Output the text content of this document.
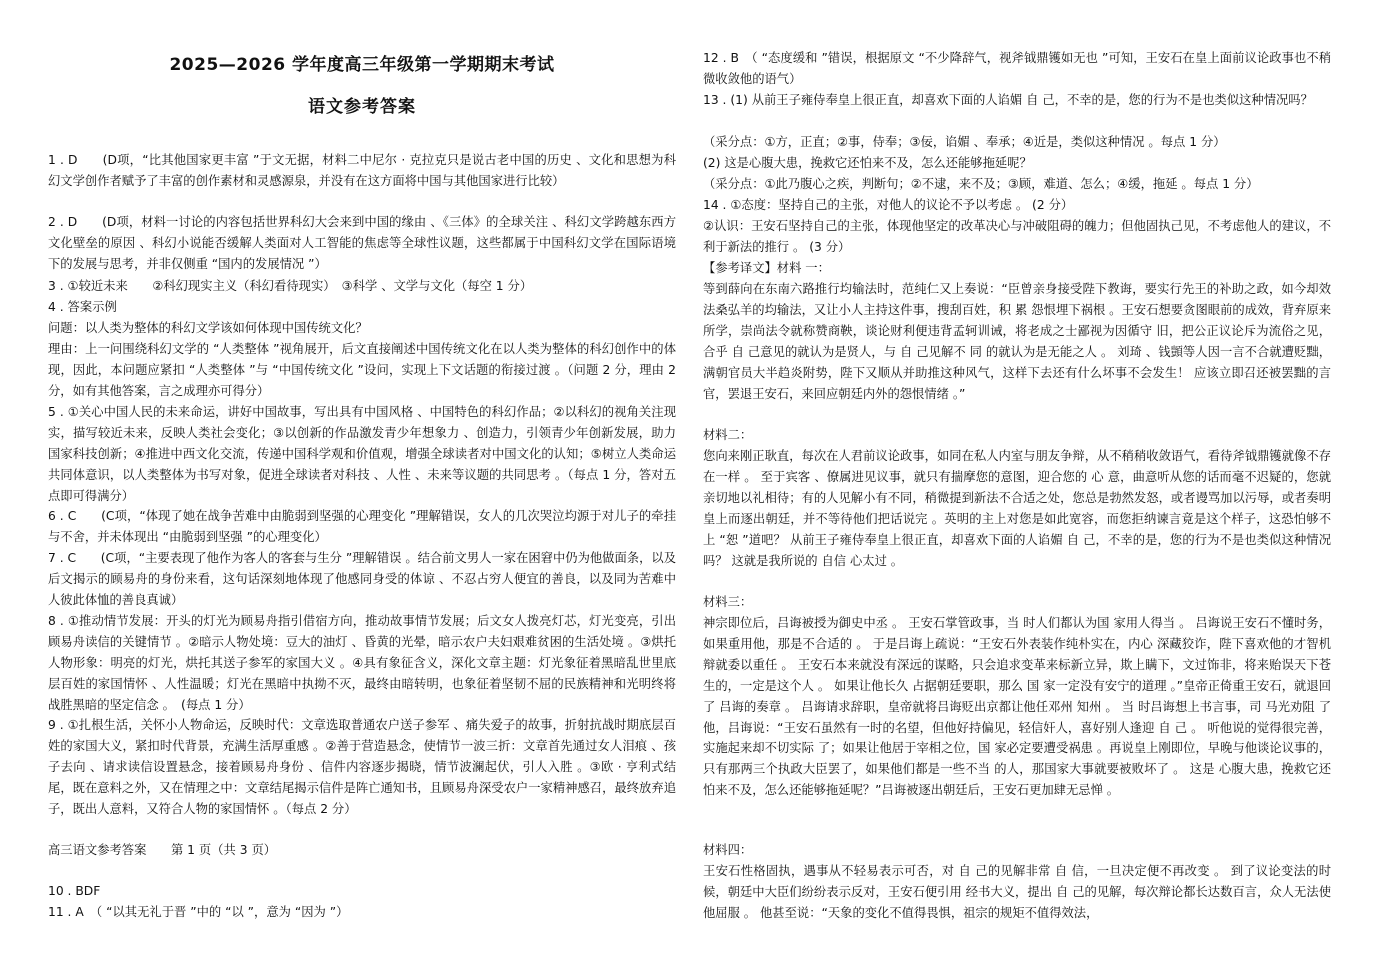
2025—2026 学年度高三年级第一学期期末考试
语文参考答案
1 . D　　(D项，“比其他国家更丰富 ”于文无据，材料二中尼尔 · 克拉克只是说古老中国的历史 、文化和思想为科幻文学创作者赋予了丰富的创作素材和灵感源泉，并没有在这方面将中国与其他国家进行比较）
2 . D　　(D项，材料一讨论的内容包括世界科幻大会来到中国的缘由 、《三体》的全球关注 、科幻文学跨越东西方文化壁垒的原因 、科幻小说能否缓解人类面对人工智能的焦虑等全球性议题，这些都属于中国科幻文学在国际语境下的发展与思考，并非仅侧重 “国内的发展情况 ”）
3 . ①较近未来　　②科幻现实主义（科幻看待现实）　③科学 、文学与文化（每空 1 分）
4 . 答案示例
问题：以人类为整体的科幻文学该如何体现中国传统文化？
理由：上一问围绕科幻文学的 “人类整体 ”视角展开，后文直接阐述中国传统文化在以人类为整体的科幻创作中的体现，因此，本问题应紧扣 “人类整体 ”与 “中国传统文化 ”设问，实现上下文话题的衔接过渡 。（问题 2 分，理由 2 分，如有其他答案，言之成理亦可得分）
5 . ①关心中国人民的未来命运，讲好中国故事，写出具有中国风格 、中国特色的科幻作品；②以科幻的视角关注现实，描写较近未来，反映人类社会变化；③以创新的作品激发青少年想象力 、创造力，引领青少年创新发展，助力国家科技创新；④推进中西文化交流，传递中国科学观和价值观，增强全球读者对中国文化的认知；⑤树立人类命运共同体意识，以人类整体为书写对象，促进全球读者对科技 、人性 、未来等议题的共同思考 。（每点 1 分，答对五点即可得满分）
6 . C　　(C项，“体现了她在战争苦难中由脆弱到坚强的心理变化 ”理解错误，女人的几次哭泣均源于对儿子的牵挂与不舍，并未体现出 “由脆弱到坚强 ”的心理变化）
7 . C　　(C项，“主要表现了他作为客人的客套与生分 ”理解错误 。结合前文男人一家在困窘中仍为他做面条，以及后文揭示的顾易舟的身份来看，这句话深刻地体现了他感同身受的体谅 、不忍占穷人便宜的善良，以及同为苦难中人彼此体恤的善良真诚）
8 . ①推动情节发展：开头的灯光为顾易舟指引借宿方向，推动故事情节发展；后文女人拨亮灯芯，灯光变亮，引出顾易舟读信的关键情节 。②暗示人物处境：豆大的油灯 、昏黄的光晕，暗示农户夫妇艰难贫困的生活处境 。③烘托人物形象：明亮的灯光，烘托其送子参军的家国大义 。④具有象征含义，深化文章主题：灯光象征着黑暗乱世里底层百姓的家国情怀 、人性温暖；灯光在黑暗中执拗不灭，最终由暗转明，也象征着坚韧不屈的民族精神和光明终将战胜黑暗的坚定信念 。　(每点 1 分）
9 . ①扎根生活，关怀小人物命运，反映时代：文章选取普通农户送子参军 、痛失爱子的故事，折射抗战时期底层百姓的家国大义，紧扣时代背景，充满生活厚重感 。②善于营造悬念，使情节一波三折：文章首先通过女人泪痕 、孩子去向 、请求读信设置悬念，接着顾易舟身份 、信件内容逐步揭晓，情节波澜起伏，引人入胜 。③欧 · 亨利式结尾，既在意料之外，又在情理之中：文章结尾揭示信件是阵亡通知书，且顾易舟深受农户一家精神感召，最终放弃追子，既出人意料，又符合人物的家国情怀 。（每点 2 分）
高三语文参考答案　　第 1 页（共 3 页）
10 . BDF
11 . A　（ “以其无礼于晋 ”中的 “以 ”，意为 “因为 ”）
12 . B　（ “态度缓和 ”错误，根据原文 “不少降辞气，视斧钺鼎镬如无也 ”可知，王安石在皇上面前议论政事也不稍微收敛他的语气）
13 . (1) 从前王子雍侍奉皇上很正直，却喜欢下面的人谄媚 自 己，不幸的是，您的行为不是也类似这种情况吗？
（采分点：①方，正直；②事，侍奉；③佞，谄媚 、奉承；④近是，类似这种情况 。每点 1 分）
(2) 这是心腹大患，挽救它还怕来不及，怎么还能够拖延呢？
（采分点：①此乃腹心之疾，判断句；②不逮，来不及；③顾，难道、怎么；④缓，拖延 。每点 1 分）
14 . ①态度：坚持自己的主张，对他人的议论不予以考虑 。 (2 分）
②认识：王安石坚持自己的主张，体现他坚定的改革决心与冲破阻碍的魄力；但他固执己见，不考虑他人的建议，不利于新法的推行 。 (3 分）
【参考译文】材料 一：
等到薛向在东南六路推行均输法时，范纯仁又上奏说：“臣曾亲身接受陛下教诲，要实行先王的补助之政，如今却效法桑弘羊的均输法，又让小人主持这件事，搜刮百姓，积 累 怨恨埋下祸根 。王安石想要贪图眼前的成效，背弃原来所学，崇尚法令就称赞商鞅，谈论财利便违背孟轲训诫，将老成之士鄙视为因循守 旧，把公正议论斥为流俗之见，合乎 自 己意见的就认为是贤人，与 自 己见解不 同 的就认为是无能之人 。 刘琦 、钱顗等人因一言不合就遭贬黜，满朝官员大半趋炎附势，陛下又顺从并助推这种风气，这样下去还有什么坏事不会发生！ 应该立即召还被罢黜的言官，罢退王安石，来回应朝廷内外的怨恨情绪 。”
材料二：
您向来刚正耿直，每次在人君前议论政事，如同在私人内室与朋友争辩，从不稍稍收敛语气，看待斧钺鼎镬就像不存在一样 。 至于宾客 、僚属进见议事，就只有揣摩您的意图，迎合您的 心 意，曲意听从您的话而毫不迟疑的，您就亲切地以礼相待；有的人见解小有不同，稍微提到新法不合适之处，您总是勃然发怒，或者谩骂加以污辱，或者奏明皇上而逐出朝廷，并不等待他们把话说完 。英明的主上对您是如此宽容，而您拒纳谏言竟是这个样子，这恐怕够不上 “恕 ”道吧？ 从前王子雍侍奉皇上很正直，却喜欢下面的人谄媚 自 己，不幸的是，您的行为不是也类似这种情况吗？ 这就是我所说的 自信 心太过 。
材料三：
神宗即位后，吕诲被授为御史中丞 。 王安石掌管政事，当 时人们都认为国 家用人得当 。 吕诲说王安石不懂时务，如果重用他，那是不合适的 。 于是吕诲上疏说：“王安石外表装作纯朴实在，内心 深藏狡诈，陛下喜欢他的才智机辩就委以重任 。 王安石本来就没有深远的谋略，只会追求变革来标新立异，欺上瞒下，文过饰非，将来贻误天下苍生的，一定是这个人 。 如果让他长久 占据朝廷要职，那么 国 家一定没有安宁的道理 。”皇帝正倚重王安石，就退回了 吕诲的奏章 。 吕诲请求辞职，皇帝就将吕诲贬出京都让他任邓州 知州 。 当 时吕诲想上书言事，司 马光劝阻 了 他，吕诲说：“王安石虽然有一时的名望，但他好持偏见，轻信奸人，喜好别人逢迎 自 己 。 听他说的觉得很完善，实施起来却不切实际 了；如果让他居于宰相之位，国 家必定要遭受祸患 。再说皇上刚即位，早晚与他谈论议事的，只有那两三个执政大臣罢了，如果他们都是一些不当 的人，那国家大事就要被败坏了 。 这是 心腹大患，挽救它还怕来不及，怎么还能够拖延呢？”吕诲被逐出朝廷后，王安石更加肆无忌惮 。
材料四：
王安石性格固执，遇事从不轻易表示可否，对 自 己的见解非常 自 信，一旦决定便不再改变 。 到了议论变法的时候，朝廷中大臣们纷纷表示反对，王安石便引用 经书大义，提出 自 己的见解，每次辩论都长达数百言，众人无法使他屈服 。 他甚至说：“天象的变化不值得畏惧，祖宗的规矩不值得效法，
